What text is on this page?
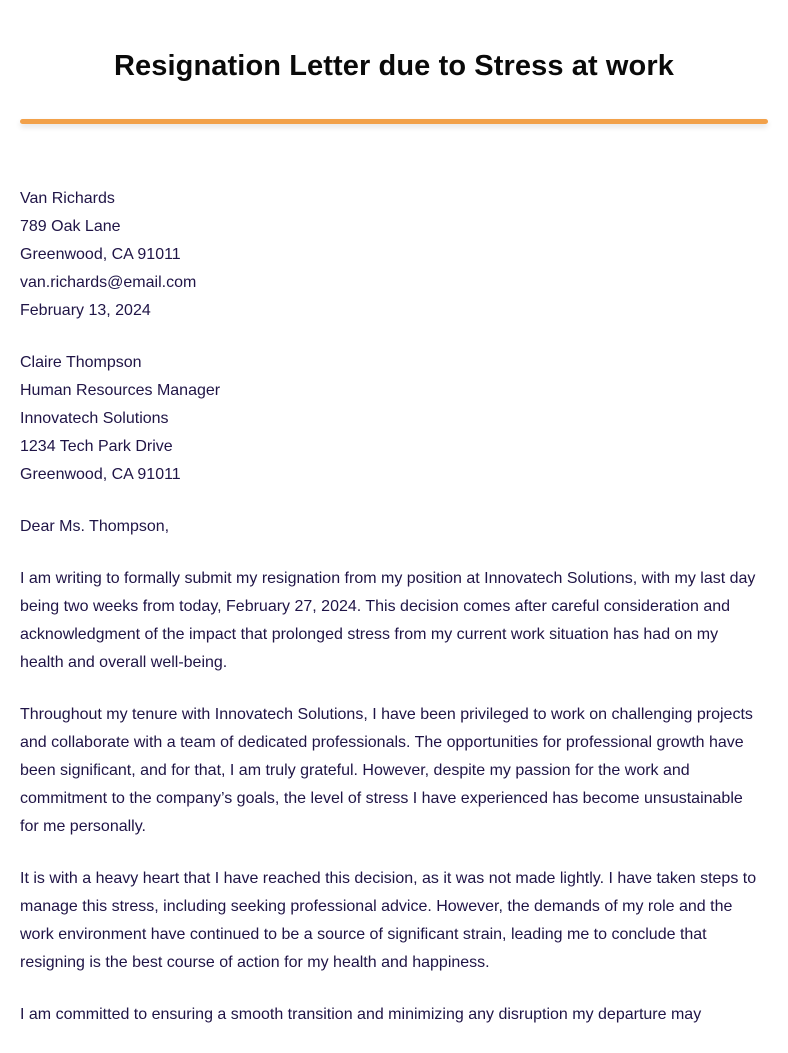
Resignation Letter due to Stress at work
Van Richards
789 Oak Lane
Greenwood, CA 91011
van.richards@email.com
February 13, 2024
Claire Thompson
Human Resources Manager
Innovatech Solutions
1234 Tech Park Drive
Greenwood, CA 91011

Dear Ms. Thompson,

I am writing to formally submit my resignation from my position at Innovatech Solutions, with my last day being two weeks from today, February 27, 2024. This decision comes after careful consideration and acknowledgment of the impact that prolonged stress from my current work situation has had on my health and overall well-being.

Throughout my tenure with Innovatech Solutions, I have been privileged to work on challenging projects and collaborate with a team of dedicated professionals. The opportunities for professional growth have been significant, and for that, I am truly grateful. However, despite my passion for the work and commitment to the company’s goals, the level of stress I have experienced has become unsustainable for me personally.

It is with a heavy heart that I have reached this decision, as it was not made lightly. I have taken steps to manage this stress, including seeking professional advice. However, the demands of my role and the work environment have continued to be a source of significant strain, leading me to conclude that resigning is the best course of action for my health and happiness.

I am committed to ensuring a smooth transition and minimizing any disruption my departure may
